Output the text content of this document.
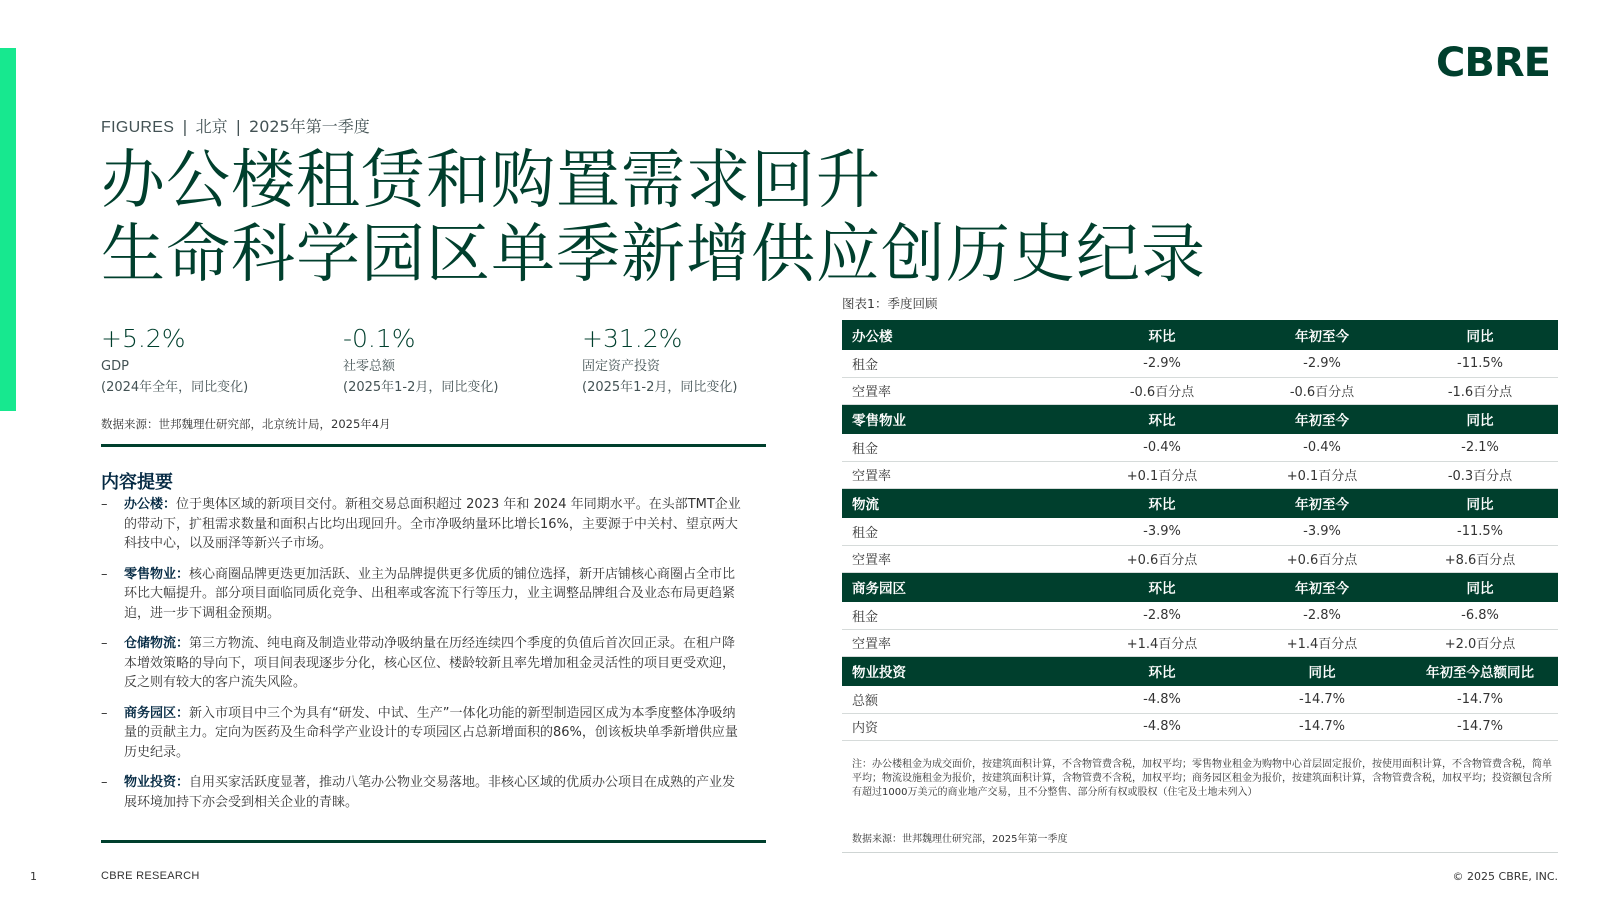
CBRE
FIGURES | 北京 | 2025年第一季度
办公楼租赁和购置需求回升
生命科学园区单季新增供应创历史纪录
+5.2%
GDP
(2024年全年，同比变化)
-0.1%
社零总额
(2025年1-2月，同比变化)
+31.2%
固定资产投资
(2025年1-2月，同比变化)
数据来源：世邦魏理仕研究部，北京统计局，2025年4月
内容提要
– 办公楼：位于奥体区域的新项目交付。新租交易总面积超过 2023 年和 2024 年同期水平。在头部TMT企业的带动下，扩租需求数量和面积占比均出现回升。全市净吸纳量环比增长16%，主要源于中关村、望京两大科技中心，以及丽泽等新兴子市场。
– 零售物业：核心商圈品牌更迭更加活跃、业主为品牌提供更多优质的铺位选择，新开店铺核心商圈占全市比环比大幅提升。部分项目面临同质化竞争、出租率或客流下行等压力，业主调整品牌组合及业态布局更趋紧迫，进一步下调租金预期。
– 仓储物流：第三方物流、纯电商及制造业带动净吸纳量在历经连续四个季度的负值后首次回正录。在租户降本增效策略的导向下，项目间表现逐步分化，核心区位、楼龄较新且率先增加租金灵活性的项目更受欢迎，反之则有较大的客户流失风险。
– 商务园区：新入市项目中三个为具有“研发、中试、生产”一体化功能的新型制造园区成为本季度整体净吸纳量的贡献主力。定向为医药及生命科学产业设计的专项园区占总新增面积的86%，创该板块单季新增供应量历史纪录。
– 物业投资：自用买家活跃度显著，推动八笔办公物业交易落地。非核心区域的优质办公项目在成熟的产业发展环境加持下亦会受到相关企业的青睐。
图表1：季度回顾
办公楼	环比	年初至今	同比
租金	-2.9%	-2.9%	-11.5%
空置率	-0.6百分点	-0.6百分点	-1.6百分点
零售物业	环比	年初至今	同比
租金	-0.4%	-0.4%	-2.1%
空置率	+0.1百分点	+0.1百分点	-0.3百分点
物流	环比	年初至今	同比
租金	-3.9%	-3.9%	-11.5%
空置率	+0.6百分点	+0.6百分点	+8.6百分点
商务园区	环比	年初至今	同比
租金	-2.8%	-2.8%	-6.8%
空置率	+1.4百分点	+1.4百分点	+2.0百分点
物业投资	环比	同比	年初至今总额同比
总额	-4.8%	-14.7%	-14.7%
内资	-4.8%	-14.7%	-14.7%
注：办公楼租金为成交面价，按建筑面积计算，不含物管费含税，加权平均；零售物业租金为购物中心首层固定报价，按使用面积计算，不含物管费含税，简单平均；物流设施租金为报价，按建筑面积计算，含物管费不含税，加权平均；商务园区租金为报价，按建筑面积计算，含物管费含税，加权平均；投资额包含所有超过1000万美元的商业地产交易，且不分整售、部分所有权或股权（住宅及土地未列入）
数据来源：世邦魏理仕研究部，2025年第一季度
1	CBRE RESEARCH	© 2025 CBRE, INC.
